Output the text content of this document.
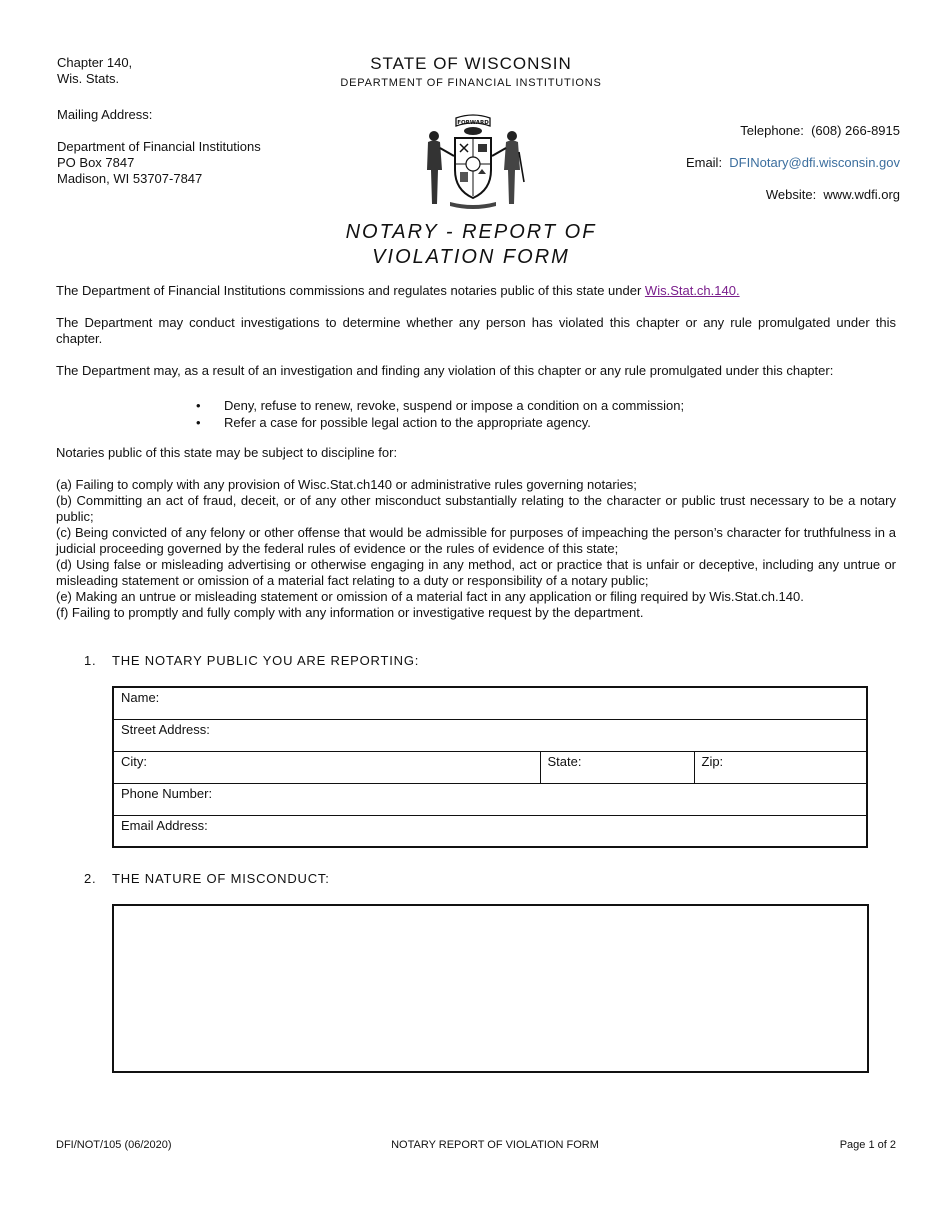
Chapter 140,
Wis. Stats.
Mailing Address:
Department of Financial Institutions
PO Box 7847
Madison, WI 53707-7847
STATE OF WISCONSIN
DEPARTMENT OF FINANCIAL INSTITUTIONS
FORWARD	Telephone: (608) 266-8915
Email: DFINotary@dfi.wisconsin.gov
Website: www.wdfi.org
NOTARY - REPORT OF
VIOLATION FORM
The Department of Financial Institutions commissions and regulates notaries public of this state under Wis.Stat.ch.140.
The Department may conduct investigations to determine whether any person has violated this chapter or any rule promulgated under this chapter.
The Department may, as a result of an investigation and finding any violation of this chapter or any rule promulgated under this chapter:
• Deny, refuse to renew, revoke, suspend or impose a condition on a commission;
• Refer a case for possible legal action to the appropriate agency.
Notaries public of this state may be subject to discipline for:
(a) Failing to comply with any provision of Wisc.Stat.ch140 or administrative rules governing notaries;
(b) Committing an act of fraud, deceit, or of any other misconduct substantially relating to the character or public trust necessary to be a notary public;
(c) Being convicted of any felony or other offense that would be admissible for purposes of impeaching the person’s character for truthfulness in a judicial proceeding governed by the federal rules of evidence or the rules of evidence of this state;
(d) Using false or misleading advertising or otherwise engaging in any method, act or practice that is unfair or deceptive, including any untrue or misleading statement or omission of a material fact relating to a duty or responsibility of a notary public;
(e) Making an untrue or misleading statement or omission of a material fact in any application or filing required by Wis.Stat.ch.140.
(f) Failing to promptly and fully comply with any information or investigative request by the department.
1. THE NOTARY PUBLIC YOU ARE REPORTING:
Name:
Street Address:
City:	State:	Zip:
Phone Number:
Email Address:
2. THE NATURE OF MISCONDUCT:
DFI/NOT/105 (06/2020)	NOTARY REPORT OF VIOLATION FORM	Page 1 of 2
